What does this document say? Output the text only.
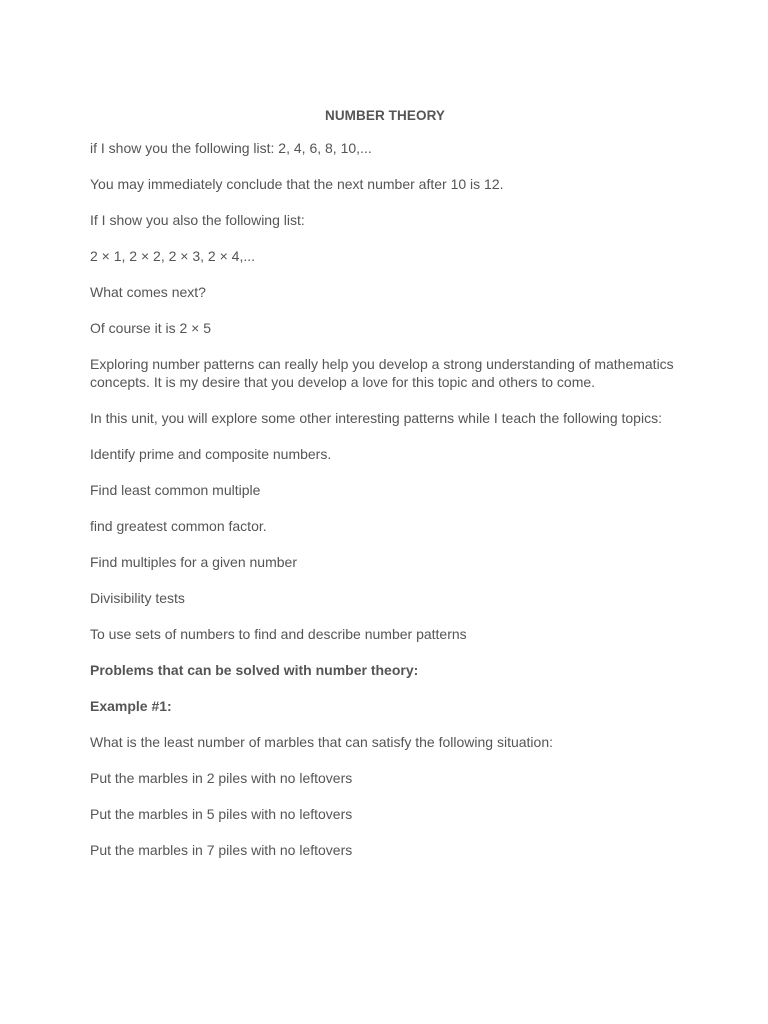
NUMBER THEORY

if I show you the following list: 2, 4, 6, 8, 10,...

You may immediately conclude that the next number after 10 is 12.

If I show you also the following list:

2 × 1, 2 × 2, 2 × 3, 2 × 4,...

What comes next?

Of course it is 2 × 5

Exploring number patterns can really help you develop a strong understanding of mathematics concepts. It is my desire that you develop a love for this topic and others to come.

In this unit, you will explore some other interesting patterns while I teach the following topics:

Identify prime and composite numbers.

Find least common multiple

find greatest common factor.

Find multiples for a given number

Divisibility tests

To use sets of numbers to find and describe number patterns

Problems that can be solved with number theory:

Example #1:

What is the least number of marbles that can satisfy the following situation:

Put the marbles in 2 piles with no leftovers

Put the marbles in 5 piles with no leftovers

Put the marbles in 7 piles with no leftovers
